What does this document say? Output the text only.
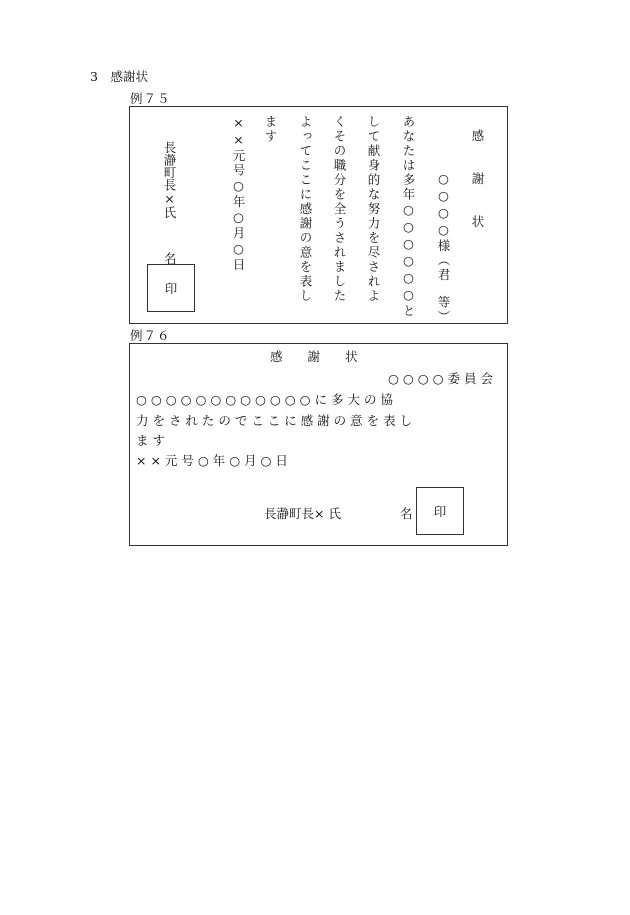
3　感謝状
例７５
感　謝　状
○○○○様（君等）
あなたは多年○○○○○○と
して献身的な努力を尽されよ
くその職分を全うされました
よってここに感謝の意を表し
ます
××元号○年○月○日
長瀞町長×氏
名
印
例７６
感　　謝　　状
○ ○ ○ ○ 委 員 会
○ ○ ○ ○ ○ ○ ○ ○ ○ ○ ○ ○ に 多 大 の 協
力 を さ れ た の で こ こ に 感 謝 の 意 を 表 し
ま す
× × 元 号 ○ 年 ○ 月 ○ 日
長瀞町長× 氏	名 印
